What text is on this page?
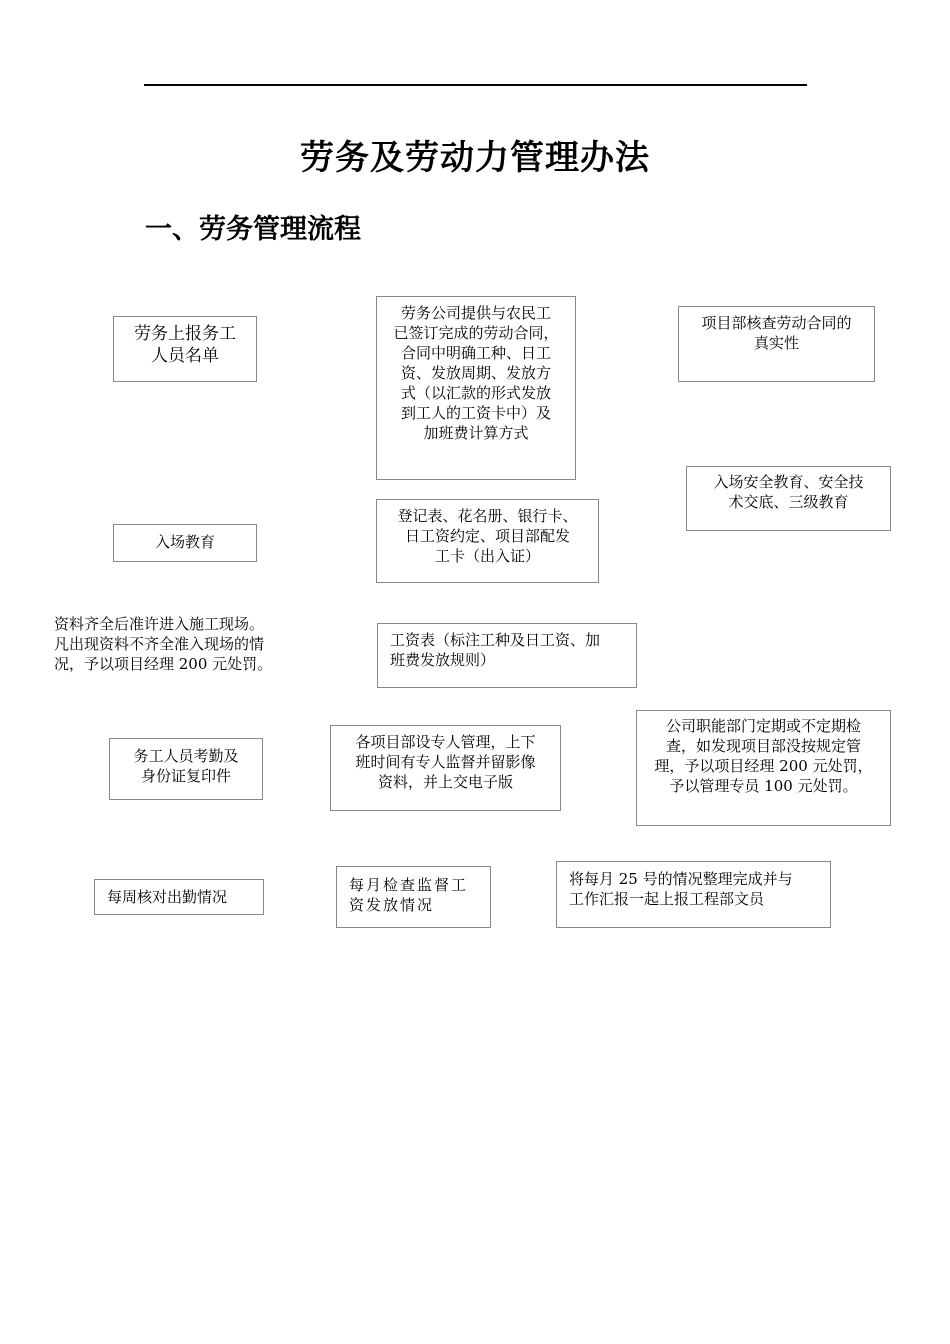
劳务及劳动力管理办法
一、劳务管理流程
劳务上报务工
人员名单
劳务公司提供与农民工
已签订完成的劳动合同，
合同中明确工种、日工
资、发放周期、发放方
式（以汇款的形式发放
到工人的工资卡中）及
加班费计算方式
项目部核查劳动合同的
真实性
入场安全教育、安全技
术交底、三级教育
登记表、花名册、银行卡、
日工资约定、项目部配发
工卡（出入证）
入场教育
资料齐全后准许进入施工现场。
凡出现资料不齐全准入现场的情
况，予以项目经理 200 元处罚。
工资表（标注工种及日工资、加
班费发放规则）
务工人员考勤及
身份证复印件
各项目部设专人管理，上下
班时间有专人监督并留影像
资料，并上交电子版
公司职能部门定期或不定期检
查，如发现项目部没按规定管
理，予以项目经理 200 元处罚，
予以管理专员 100 元处罚。
每周核对出勤情况
每月检查监督工
资发放情况
将每月 25 号的情况整理完成并与
工作汇报一起上报工程部文员
